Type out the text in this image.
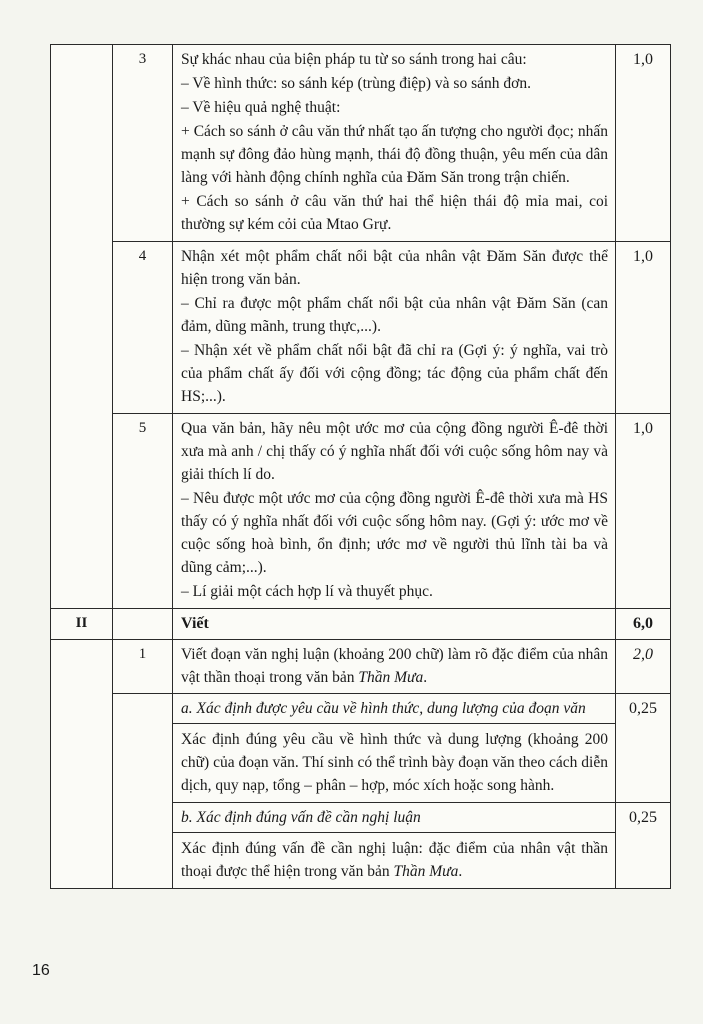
	3	Sự khác nhau của biện pháp tu từ so sánh trong hai câu:

– Về hình thức: so sánh kép (trùng điệp) và so sánh đơn.

– Về hiệu quả nghệ thuật:

+ Cách so sánh ở câu văn thứ nhất tạo ấn tượng cho người đọc; nhấn mạnh sự đông đảo hùng mạnh, thái độ đồng thuận, yêu mến của dân làng với hành động chính nghĩa của Đăm Săn trong trận chiến.

+ Cách so sánh ở câu văn thứ hai thể hiện thái độ mỉa mai, coi thường sự kém cỏi của Mtao Grự.	1,0
	4	Nhận xét một phẩm chất nổi bật của nhân vật Đăm Săn được thể hiện trong văn bản.

– Chỉ ra được một phẩm chất nổi bật của nhân vật Đăm Săn (can đảm, dũng mãnh, trung thực,...).

– Nhận xét về phẩm chất nổi bật đã chỉ ra (Gợi ý: ý nghĩa, vai trò của phẩm chất ấy đối với cộng đồng; tác động của phẩm chất đến HS;...).	1,0
	5	Qua văn bản, hãy nêu một ước mơ của cộng đồng người Ê-đê thời xưa mà anh / chị thấy có ý nghĩa nhất đối với cuộc sống hôm nay và giải thích lí do.

– Nêu được một ước mơ của cộng đồng người Ê-đê thời xưa mà HS thấy có ý nghĩa nhất đối với cuộc sống hôm nay. (Gợi ý: ước mơ về cuộc sống hoà bình, ổn định; ước mơ về người thủ lĩnh tài ba và dũng cảm;...).

– Lí giải một cách hợp lí và thuyết phục.	1,0
II		Viết	6,0
	1	Viết đoạn văn nghị luận (khoảng 200 chữ) làm rõ đặc điểm của nhân vật thần thoại trong văn bản Thần Mưa.	2,0

		a. Xác định được yêu cầu về hình thức, dung lượng của đoạn văn

Xác định đúng yêu cầu về hình thức và dung lượng (khoảng 200 chữ) của đoạn văn. Thí sinh có thể trình bày đoạn văn theo cách diễn dịch, quy nạp, tổng – phân – hợp, móc xích hoặc song hành.	0,25

		b. Xác định đúng vấn đề cần nghị luận

Xác định đúng vấn đề cần nghị luận: đặc điểm của nhân vật thần thoại được thể hiện trong văn bản Thần Mưa.	0,25
16
